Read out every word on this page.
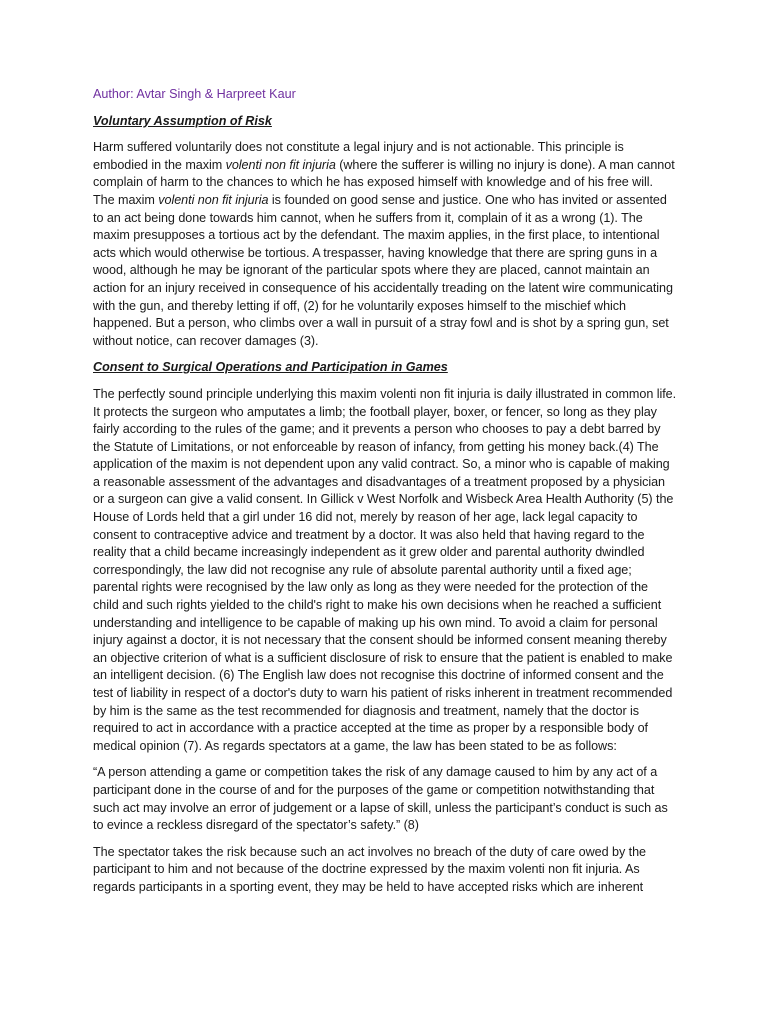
Author: Avtar Singh & Harpreet Kaur

Voluntary Assumption of Risk

Harm suffered voluntarily does not constitute a legal injury and is not actionable. This principle is embodied in the maxim volenti non fit injuria (where the sufferer is willing no injury is done). A man cannot complain of harm to the chances to which he has exposed himself with knowledge and of his free will. The maxim volenti non fit injuria is founded on good sense and justice. One who has invited or assented to an act being done towards him cannot, when he suffers from it, complain of it as a wrong (1). The maxim presupposes a tortious act by the defendant. The maxim applies, in the first place, to intentional acts which would otherwise be tortious. A trespasser, having knowledge that there are spring guns in a wood, although he may be ignorant of the particular spots where they are placed, cannot maintain an action for an injury received in consequence of his accidentally treading on the latent wire communicating with the gun, and thereby letting if off, (2) for he voluntarily exposes himself to the mischief which happened. But a person, who climbs over a wall in pursuit of a stray fowl and is shot by a spring gun, set without notice, can recover damages (3).

Consent to Surgical Operations and Participation in Games

The perfectly sound principle underlying this maxim volenti non fit injuria is daily illustrated in common life. It protects the surgeon who amputates a limb; the football player, boxer, or fencer, so long as they play fairly according to the rules of the game; and it prevents a person who chooses to pay a debt barred by the Statute of Limitations, or not enforceable by reason of infancy, from getting his money back.(4) The application of the maxim is not dependent upon any valid contract. So, a minor who is capable of making a reasonable assessment of the advantages and disadvantages of a treatment proposed by a physician or a surgeon can give a valid consent. In Gillick v West Norfolk and Wisbeck Area Health Authority (5) the House of Lords held that a girl under 16 did not, merely by reason of her age, lack legal capacity to consent to contraceptive advice and treatment by a doctor. It was also held that having regard to the reality that a child became increasingly independent as it grew older and parental authority dwindled correspondingly, the law did not recognise any rule of absolute parental authority until a fixed age; parental rights were recognised by the law only as long as they were needed for the protection of the child and such rights yielded to the child's right to make his own decisions when he reached a sufficient understanding and intelligence to be capable of making up his own mind. To avoid a claim for personal injury against a doctor, it is not necessary that the consent should be informed consent meaning thereby an objective criterion of what is a sufficient disclosure of risk to ensure that the patient is enabled to make an intelligent decision. (6) The English law does not recognise this doctrine of informed consent and the test of liability in respect of a doctor's duty to warn his patient of risks inherent in treatment recommended by him is the same as the test recommended for diagnosis and treatment, namely that the doctor is required to act in accordance with a practice accepted at the time as proper by a responsible body of medical opinion (7). As regards spectators at a game, the law has been stated to be as follows:

“A person attending a game or competition takes the risk of any damage caused to him by any act of a participant done in the course of and for the purposes of the game or competition notwithstanding that such act may involve an error of judgement or a lapse of skill, unless the participant’s conduct is such as to evince a reckless disregard of the spectator’s safety.” (8)

The spectator takes the risk because such an act involves no breach of the duty of care owed by the participant to him and not because of the doctrine expressed by the maxim volenti non fit injuria. As regards participants in a sporting event, they may be held to have accepted risks which are inherent
